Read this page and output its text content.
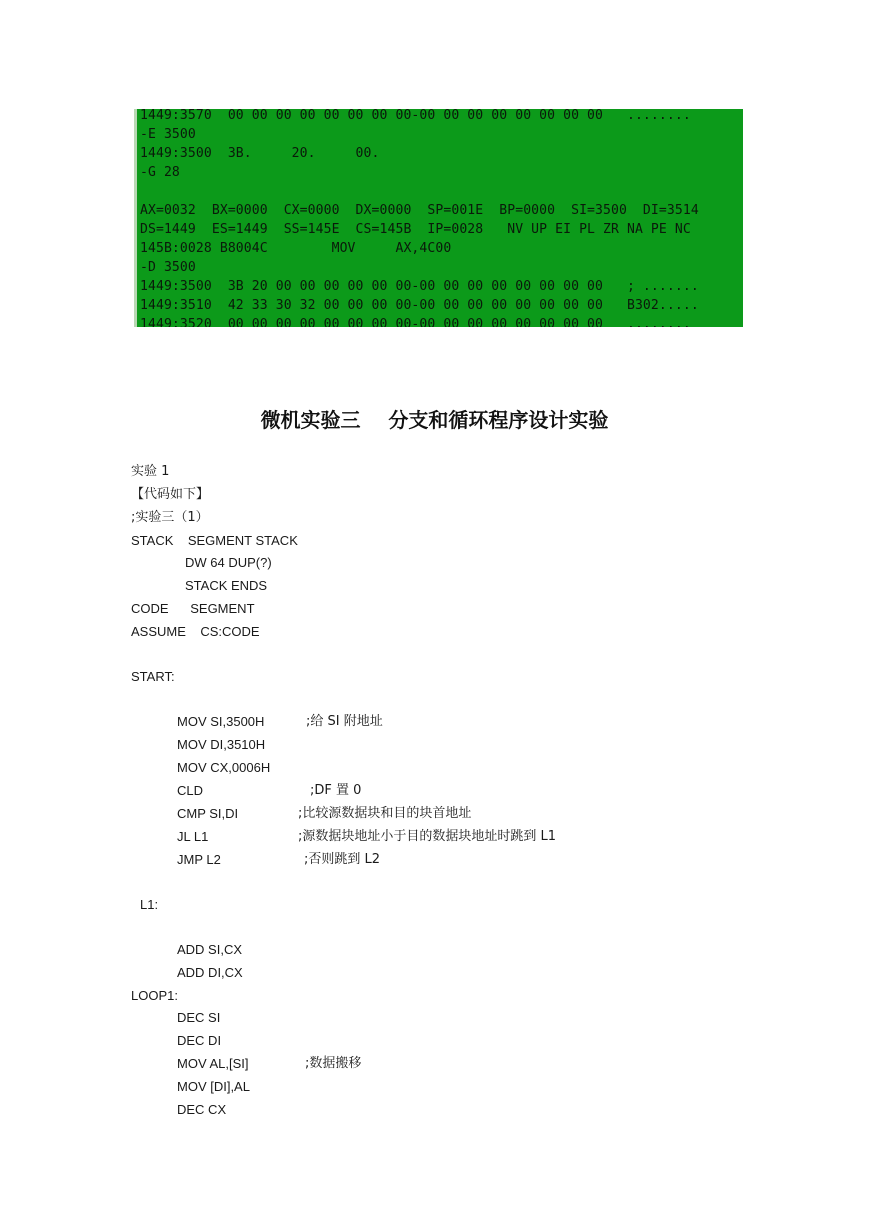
1449:3570  00 00 00 00 00 00 00 00-00 00 00 00 00 00 00 00   ........
-E 3500
1449:3500  3B.     20.     00.
-G 28
AX=0032  BX=0000  CX=0000  DX=0000  SP=001E  BP=0000  SI=3500  DI=3514
DS=1449  ES=1449  SS=145E  CS=145B  IP=0028   NV UP EI PL ZR NA PE NC
145B:0028 B8004C        MOV     AX,4C00
-D 3500
1449:3500  3B 20 00 00 00 00 00 00-00 00 00 00 00 00 00 00   ; .......
1449:3510  42 33 30 32 00 00 00 00-00 00 00 00 00 00 00 00   B302.....
1449:3520  00 00 00 00 00 00 00 00-00 00 00 00 00 00 00 00   ........
微机实验三    分支和循环程序设计实验
实验 1
【代码如下】
;实验三（1）
STACK    SEGMENT STACK
DW 64 DUP(?)
STACK ENDS
CODE      SEGMENT
ASSUME    CS:CODE
START:
MOV SI,3500H	;给 SI 附地址
MOV DI,3510H
MOV CX,0006H
CLD	;DF 置 0
CMP SI,DI	;比较源数据块和目的块首地址
JL L1	;源数据块地址小于目的数据块地址时跳到 L1
JMP L2	;否则跳到 L2
L1:
ADD SI,CX
ADD DI,CX
LOOP1:
DEC SI
DEC DI
MOV AL,[SI]	;数据搬移
MOV [DI],AL
DEC CX
